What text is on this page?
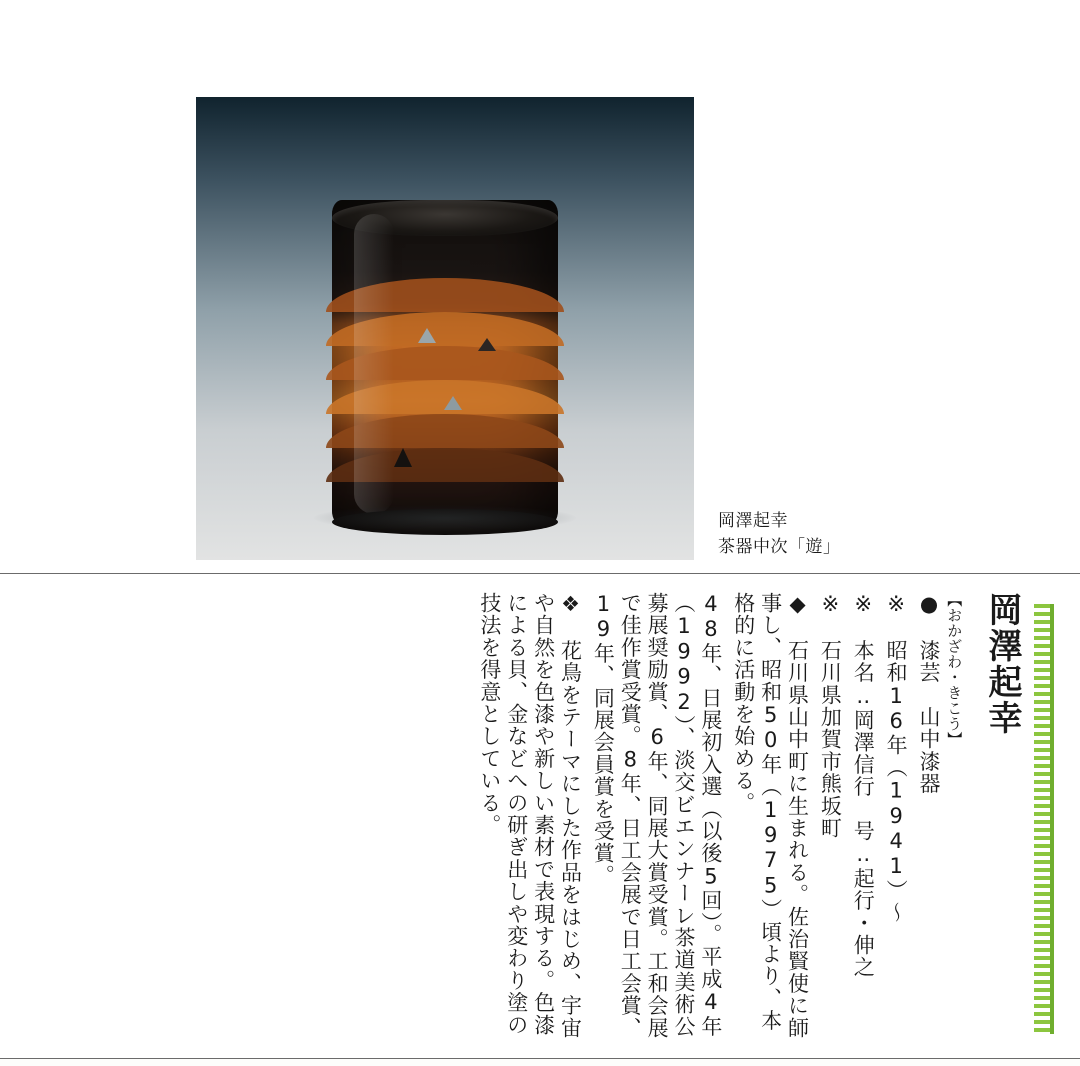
岡澤起幸
茶器中次「遊」
❖　花鳥をテーマにした作品をはじめ、宇宙や自然を色漆や新しい素材で表現する。色漆による貝、金などへの研ぎ出しや変わり塗の技法を得意としている。	48年、日展初入選（以後5回）。平成4年（1992）、淡交ビエンナーレ茶道美術公募展奨励賞、6年、同展大賞受賞。工和会展で佳作賞受賞。8年、日工会展で日工会賞、19年、同展会員賞を受賞。	◆　石川県山中町に生まれる。佐治賢使に師事し、昭和50年（1975）頃より、本格的に活動を始める。	※　石川県加賀市熊坂町 ※　本名‥岡澤信行　号‥起行・伸之 ※　昭和16年（1941）～ ●　漆芸　山中漆器 【おかざわ・きこう】 岡澤起幸
